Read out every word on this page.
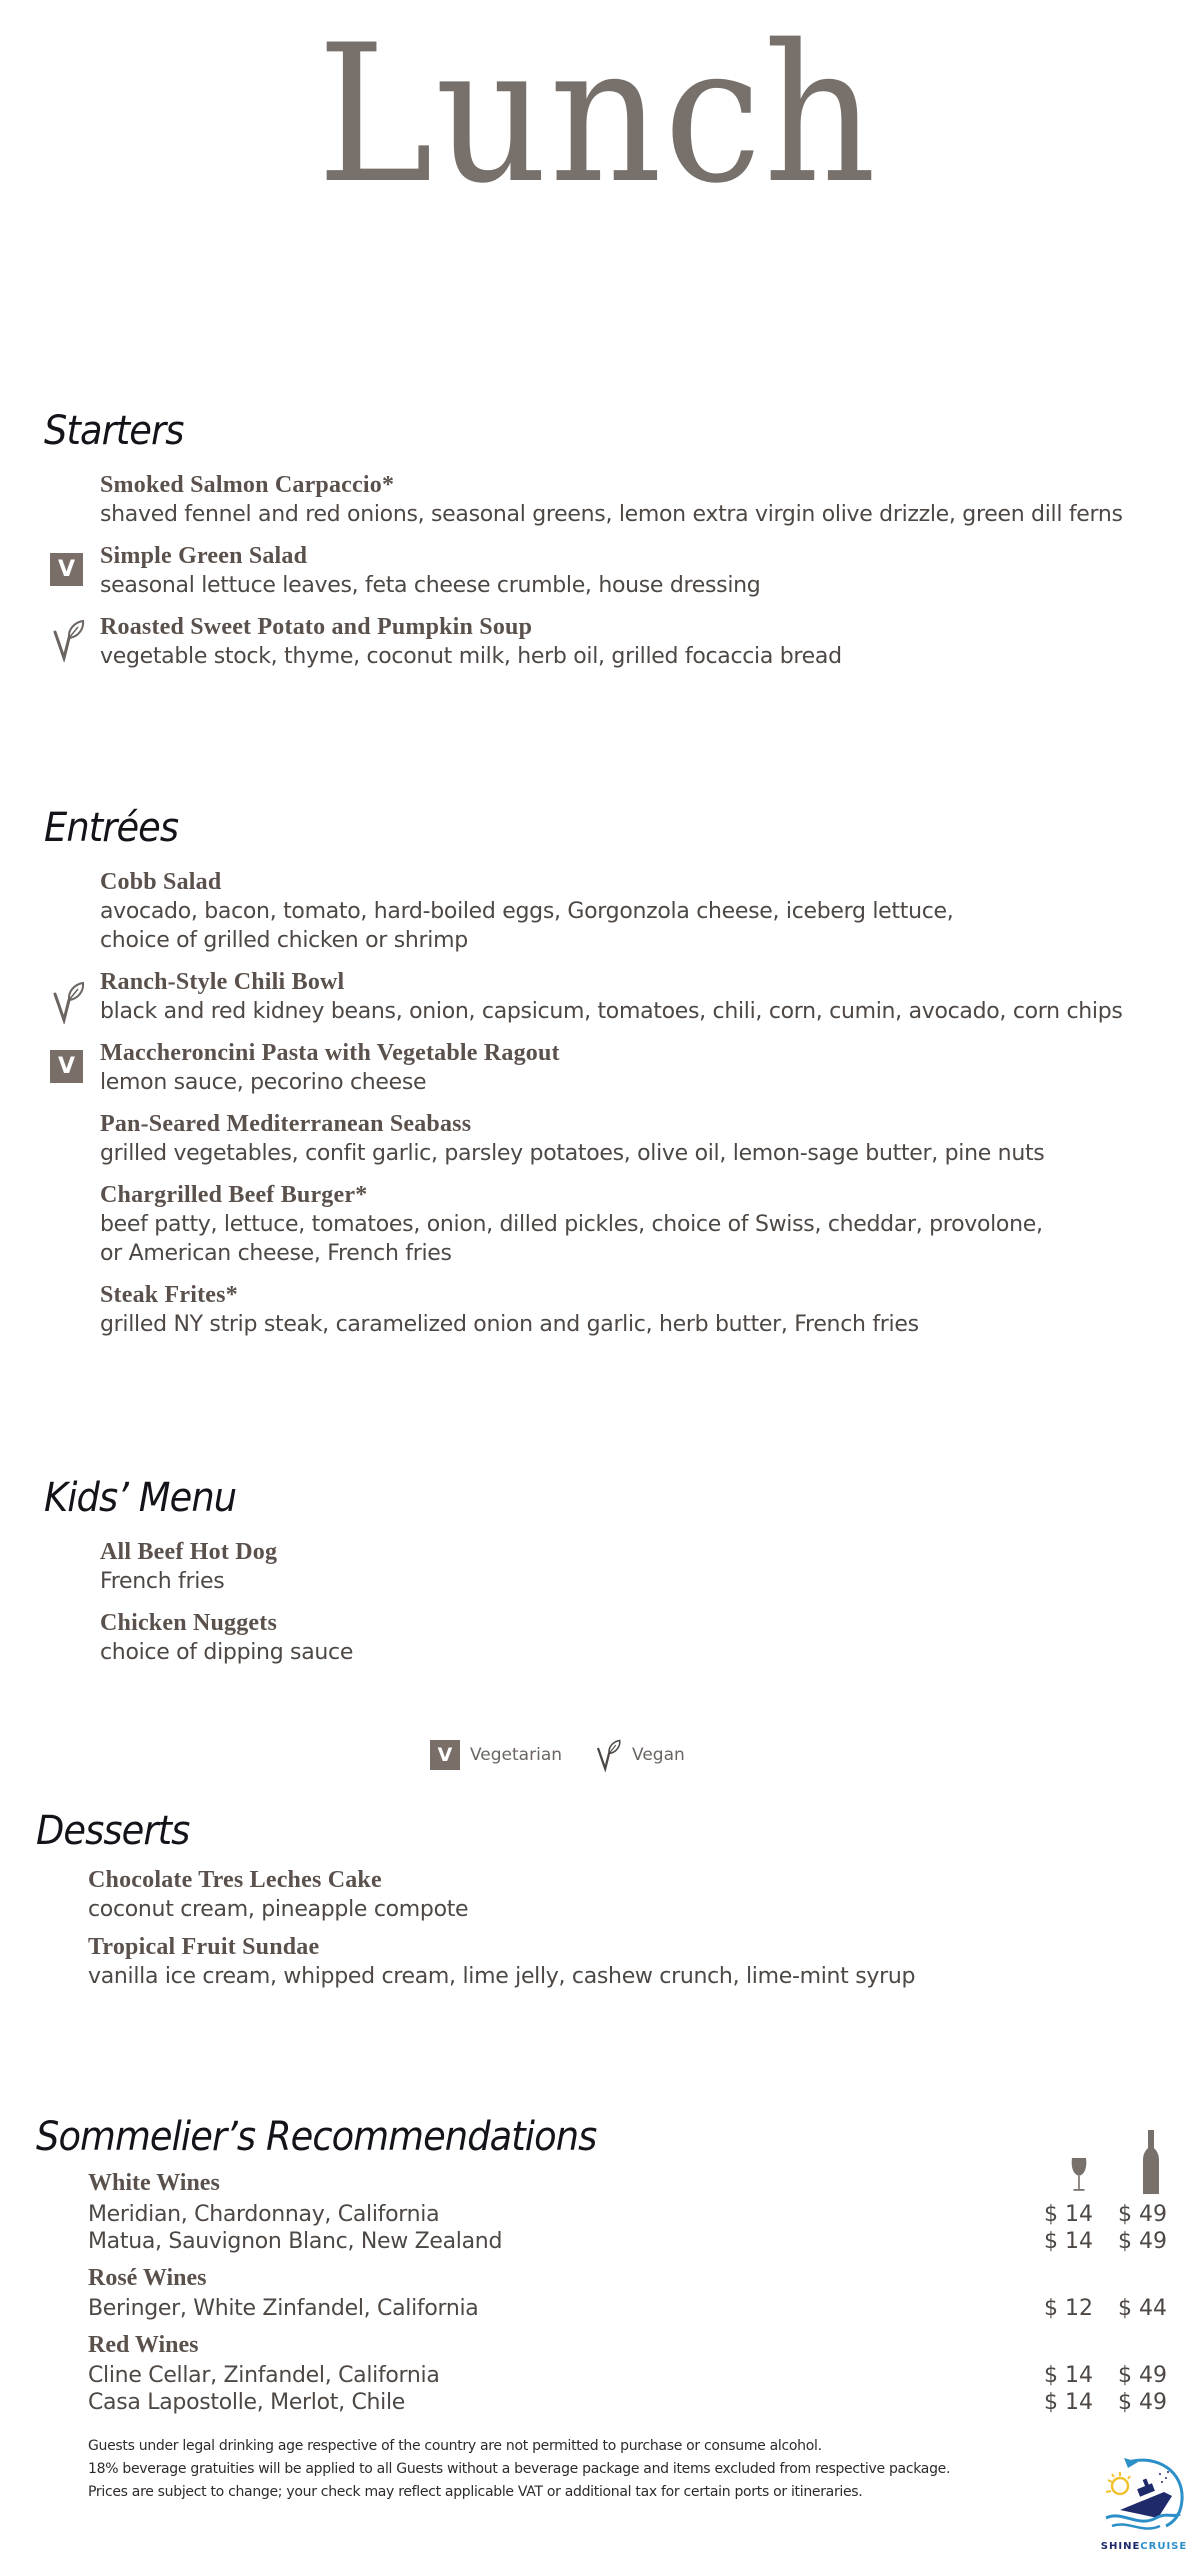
Lunch
Starters
Smoked Salmon Carpaccio*
shaved fennel and red onions, seasonal greens, lemon extra virgin olive drizzle, green dill ferns
V
Simple Green Salad
seasonal lettuce leaves, feta cheese crumble, house dressing
Roasted Sweet Potato and Pumpkin Soup
vegetable stock, thyme, coconut milk, herb oil, grilled focaccia bread
Entrées
Cobb Salad
avocado, bacon, tomato, hard-boiled eggs, Gorgonzola cheese, iceberg lettuce,
choice of grilled chicken or shrimp
Ranch-Style Chili Bowl
black and red kidney beans, onion, capsicum, tomatoes, chili, corn, cumin, avocado, corn chips
V
Maccheroncini Pasta with Vegetable Ragout
lemon sauce, pecorino cheese
Pan-Seared Mediterranean Seabass
grilled vegetables, confit garlic, parsley potatoes, olive oil, lemon-sage butter, pine nuts
Chargrilled Beef Burger*
beef patty, lettuce, tomatoes, onion, dilled pickles, choice of Swiss, cheddar, provolone,
or American cheese, French fries
Steak Frites*
grilled NY strip steak, caramelized onion and garlic, herb butter, French fries
Kids’ Menu
All Beef Hot Dog
French fries
Chicken Nuggets
choice of dipping sauce
V	Vegetarian	Vegan
Desserts
Chocolate Tres Leches Cake
coconut cream, pineapple compote
Tropical Fruit Sundae
vanilla ice cream, whipped cream, lime jelly, cashew crunch, lime-mint syrup
Sommelier’s Recommendations
White Wines
Meridian, Chardonnay, California	$ 14 $ 49
Matua, Sauvignon Blanc, New Zealand	$ 14 $ 49
Rosé Wines
Beringer, White Zinfandel, California	$ 12 $ 44
Red Wines
Cline Cellar, Zinfandel, California	$ 14 $ 49
Casa Lapostolle, Merlot, Chile	$ 14 $ 49
Guests under legal drinking age respective of the country are not permitted to purchase or consume alcohol.
18% beverage gratuities will be applied to all Guests without a beverage package and items excluded from respective package.
Prices are subject to change; your check may reflect applicable VAT or additional tax for certain ports or itineraries.
SHINECRUISE
